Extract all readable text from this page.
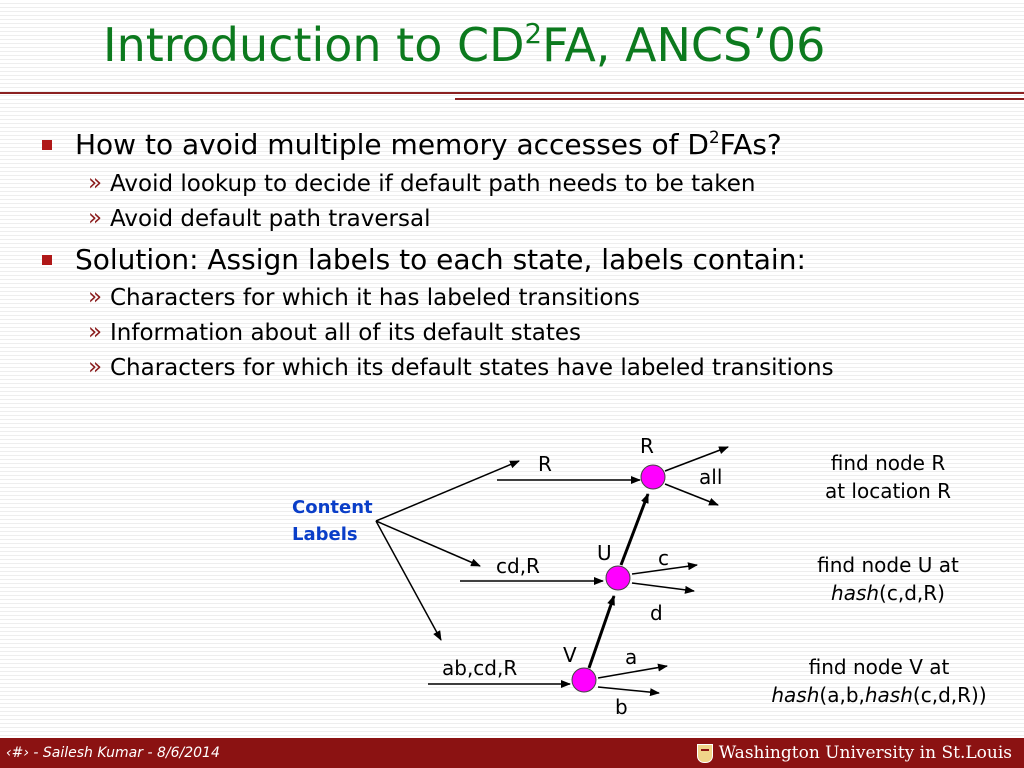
Introduction to $CD^2FA$, ANCS’06
How to avoid multiple memory accesses of $D^2FAs$?
» Avoid lookup to decide if default path needs to be taken
» Avoid default path traversal
Solution: Assign labels to each state, labels contain:
» Characters for which it has labeled transitions
» Information about all of its default states
» Characters for which its default states have labeled transitions
Content
Labels
R
R
all
U
cd,R	c
d
V
ab,cd,R	a
b
find node R
at location R
find node U at
hash(c,d,R)
find node V at
hash(a,b,hash(c,d,R))
‹#› - Sailesh Kumar - 8/6/2014	Washington University in St.Louis
